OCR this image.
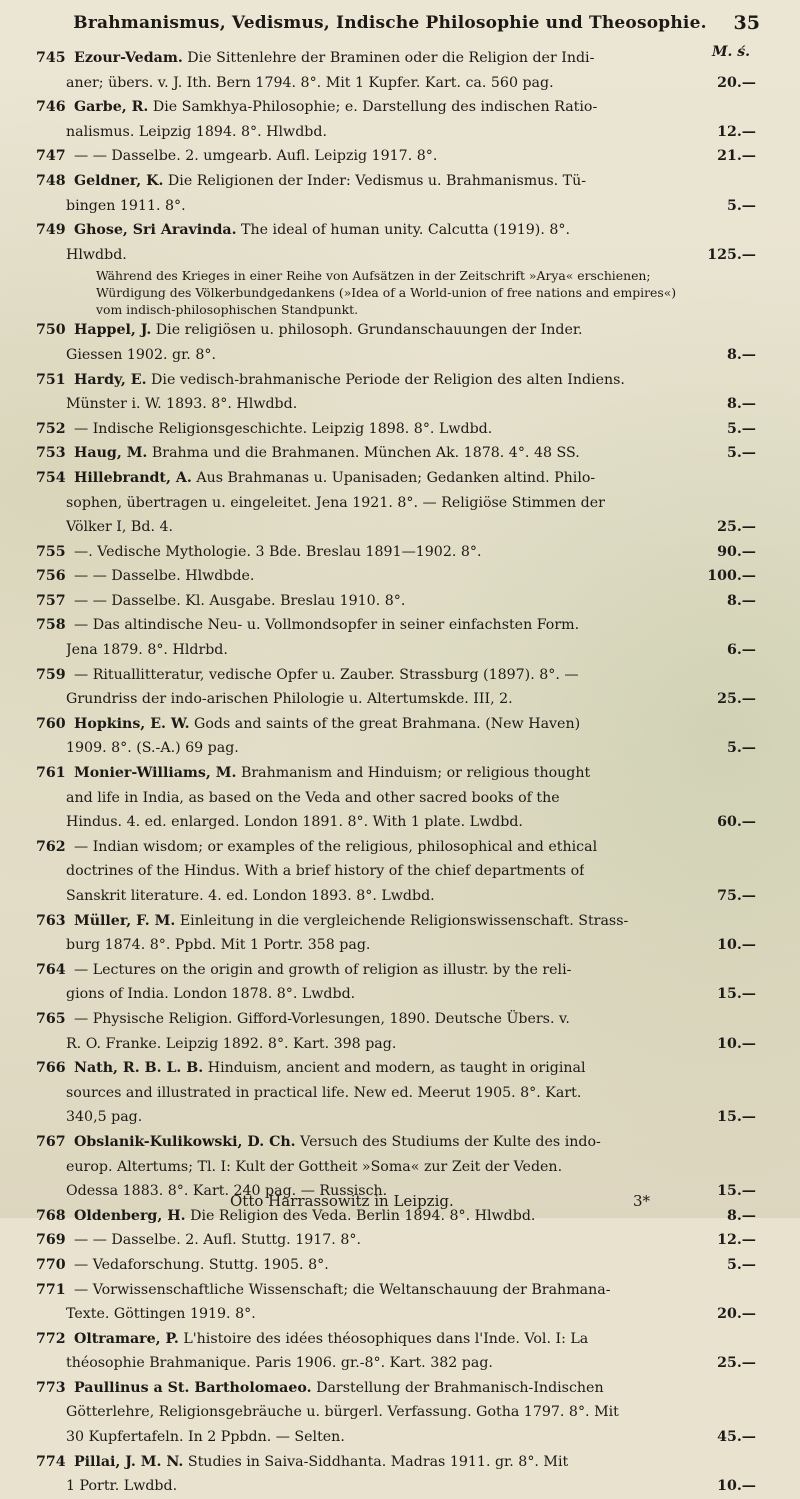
Brahmanismus, Vedismus, Indische Philosophie und Theosophie.	35
M. ś.
745 Ezour-Vedam. Die Sittenlehre der Braminen oder die Religion der Indi-
aner; übers. v. J. Ith. Bern 1794. 8°. Mit 1 Kupfer. Kart. ca. 560 pag.	20.—
746 Garbe, R. Die Samkhya-Philosophie; e. Darstellung des indischen Ratio-
nalismus. Leipzig 1894. 8°. Hlwdbd.	12.—
747 — — Dasselbe. 2. umgearb. Aufl. Leipzig 1917. 8°.	21.—
748 Geldner, K. Die Religionen der Inder: Vedismus u. Brahmanismus. Tü-
bingen 1911. 8°.	5.—
749 Ghose, Sri Aravinda. The ideal of human unity. Calcutta (1919). 8°.
Hlwdbd.	125.—
Während des Krieges in einer Reihe von Aufsätzen in der Zeitschrift »Arya« erschienen;
Würdigung des Völkerbundgedankens (»Idea of a World-union of free nations and empires«)
vom indisch-philosophischen Standpunkt.
750 Happel, J. Die religiösen u. philosoph. Grundanschauungen der Inder.
Giessen 1902. gr. 8°.	8.—
751 Hardy, E. Die vedisch-brahmanische Periode der Religion des alten Indiens.
Münster i. W. 1893. 8°. Hlwdbd.	8.—
752 — Indische Religionsgeschichte. Leipzig 1898. 8°. Lwdbd.	5.—
753 Haug, M. Brahma und die Brahmanen. München Ak. 1878. 4°. 48 SS.	5.—
754 Hillebrandt, A. Aus Brahmanas u. Upanisaden; Gedanken altind. Philo-
sophen, übertragen u. eingeleitet. Jena 1921. 8°. — Religiöse Stimmen der
Völker I, Bd. 4.	25.—
755 —. Vedische Mythologie. 3 Bde. Breslau 1891—1902. 8°.	90.—
756 — — Dasselbe. Hlwdbde.	100.—
757 — — Dasselbe. Kl. Ausgabe. Breslau 1910. 8°.	8.—
758 — Das altindische Neu- u. Vollmondsopfer in seiner einfachsten Form.
Jena 1879. 8°. Hldrbd.	6.—
759 — Rituallitteratur, vedische Opfer u. Zauber. Strassburg (1897). 8°. —
Grundriss der indo-arischen Philologie u. Altertumskde. III, 2.	25.—
760 Hopkins, E. W. Gods and saints of the great Brahmana. (New Haven)
1909. 8°. (S.-A.) 69 pag.	5.—
761 Monier-Williams, M. Brahmanism and Hinduism; or religious thought
and life in India, as based on the Veda and other sacred books of the
Hindus. 4. ed. enlarged. London 1891. 8°. With 1 plate. Lwdbd.	60.—
762 — Indian wisdom; or examples of the religious, philosophical and ethical
doctrines of the Hindus. With a brief history of the chief departments of
Sanskrit literature. 4. ed. London 1893. 8°. Lwdbd.	75.—
763 Müller, F. M. Einleitung in die vergleichende Religionswissenschaft. Strass-
burg 1874. 8°. Ppbd. Mit 1 Portr. 358 pag.	10.—
764 — Lectures on the origin and growth of religion as illustr. by the reli-
gions of India. London 1878. 8°. Lwdbd.	15.—
765 — Physische Religion. Gifford-Vorlesungen, 1890. Deutsche Übers. v.
R. O. Franke. Leipzig 1892. 8°. Kart. 398 pag.	10.—
766 Nath, R. B. L. B. Hinduism, ancient and modern, as taught in original
sources and illustrated in practical life. New ed. Meerut 1905. 8°. Kart.
340,5 pag.	15.—
767 Obslanik-Kulikowski, D. Ch. Versuch des Studiums der Kulte des indo-
europ. Altertums; Tl. I: Kult der Gottheit »Soma« zur Zeit der Veden.
Odessa 1883. 8°. Kart. 240 pag. — Russisch.	15.—
768 Oldenberg, H. Die Religion des Veda. Berlin 1894. 8°. Hlwdbd.	8.—
769 — — Dasselbe. 2. Aufl. Stuttg. 1917. 8°.	12.—
770 — Vedaforschung. Stuttg. 1905. 8°.	5.—
771 — Vorwissenschaftliche Wissenschaft; die Weltanschauung der Brahmana-
Texte. Göttingen 1919. 8°.	20.—
772 Oltramare, P. L'histoire des idées théosophiques dans l'Inde. Vol. I: La
théosophie Brahmanique. Paris 1906. gr.-8°. Kart. 382 pag.	25.—
773 Paullinus a St. Bartholomaeo. Darstellung der Brahmanisch-Indischen
Götterlehre, Religionsgebräuche u. bürgerl. Verfassung. Gotha 1797. 8°. Mit
30 Kupfertafeln. In 2 Ppbdn. — Selten.	45.—
774 Pillai, J. M. N. Studies in Saiva-Siddhanta. Madras 1911. gr. 8°. Mit
1 Portr. Lwdbd.	10.—
Otto Harrassowitz in Leipzig.	3*
